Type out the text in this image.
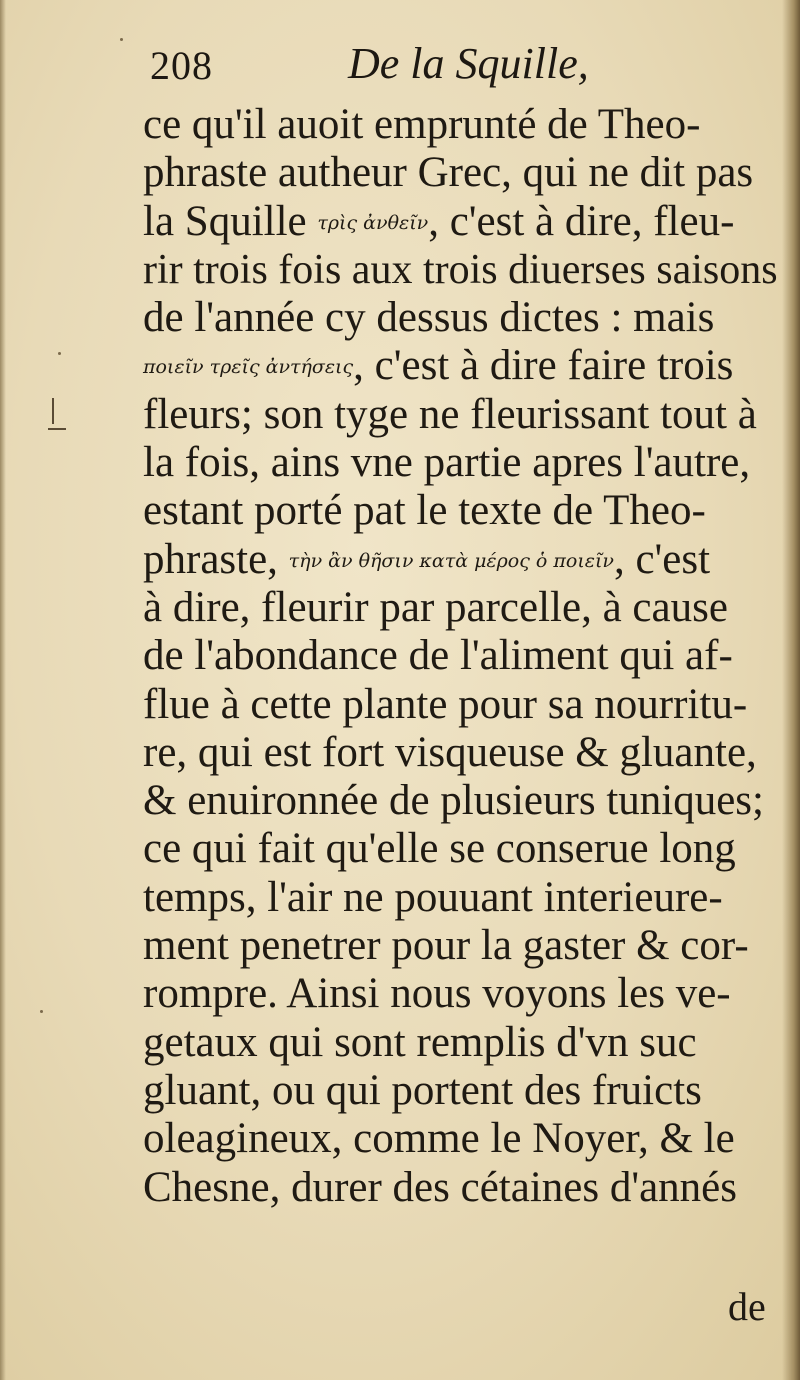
208	De la Squille,
ce qu'il auoit emprunté de Theo-
phraste autheur Grec, qui ne dit pas
la Squille τρὶς ἀνθεῖν, c'est à dire, fleu-
rir trois fois aux trois diuerses saisons
de l'année cy dessus dictes : mais
ποιεῖν τρεῖς ἀντήσεις, c'est à dire faire trois
fleurs; son tyge ne fleurissant tout à
la fois, ains vne partie apres l'autre,
estant porté pat le texte de Theo-
phraste, τὴν ἂν θῆσιν κατὰ μέρος ὁ ποιεῖν, c'est
à dire, fleurir par parcelle, à cause
de l'abondance de l'aliment qui af-
flue à cette plante pour sa nourritu-
re, qui est fort visqueuse & gluante,
& enuironnée de plusieurs tuniques;
ce qui fait qu'elle se conserue long
temps, l'air ne pouuant interieure-
ment penetrer pour la gaster & cor-
rompre. Ainsi nous voyons les ve-
getaux qui sont remplis d'vn suc
gluant, ou qui portent des fruicts
oleagineux, comme le Noyer, & le
Chesne, durer des cétaines d'annés
de
